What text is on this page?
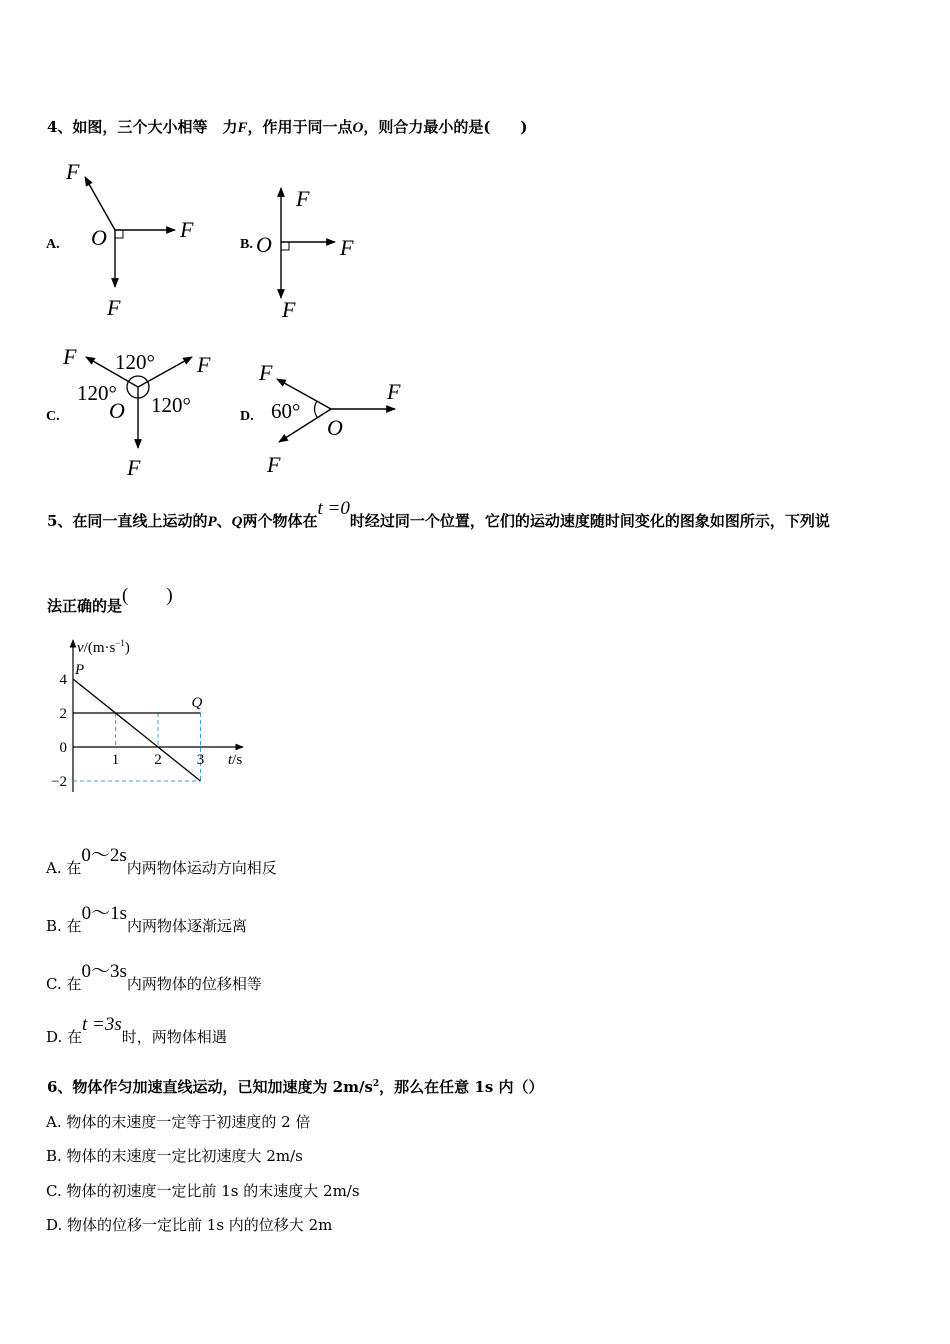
4、如图，三个大小相等　力F，作用于同一点O，则合力最小的是(　　)
A.	B.
C.	D.
F
F
F
O
F
F
F
O
F	F
F
120°
120° 120°
O
F
F
F
60°
O
5、在同一直线上运动的P、Q两个物体在t =0时经过同一个位置，它们的运动速度随时间变化的图象如图所示，下列说
法正确的是(　　)
$v/(m\cdot s^{-1})$
t/s
P
Q
4
2
0
−2
1 2 3
A. 在0～2s内两物体运动方向相反
B. 在0～1s内两物体逐渐远离
C. 在0～3s内两物体的位移相等
D. 在t =3s时，两物体相遇
6、物体作匀加速直线运动，已知加速度为 $2m/s^2$，那么在任意 1s 内（）
A. 物体的末速度一定等于初速度的 2 倍
B. 物体的末速度一定比初速度大 2m/s
C. 物体的初速度一定比前 1s 的末速度大 2m/s
D. 物体的位移一定比前 1s 内的位移大 2m
